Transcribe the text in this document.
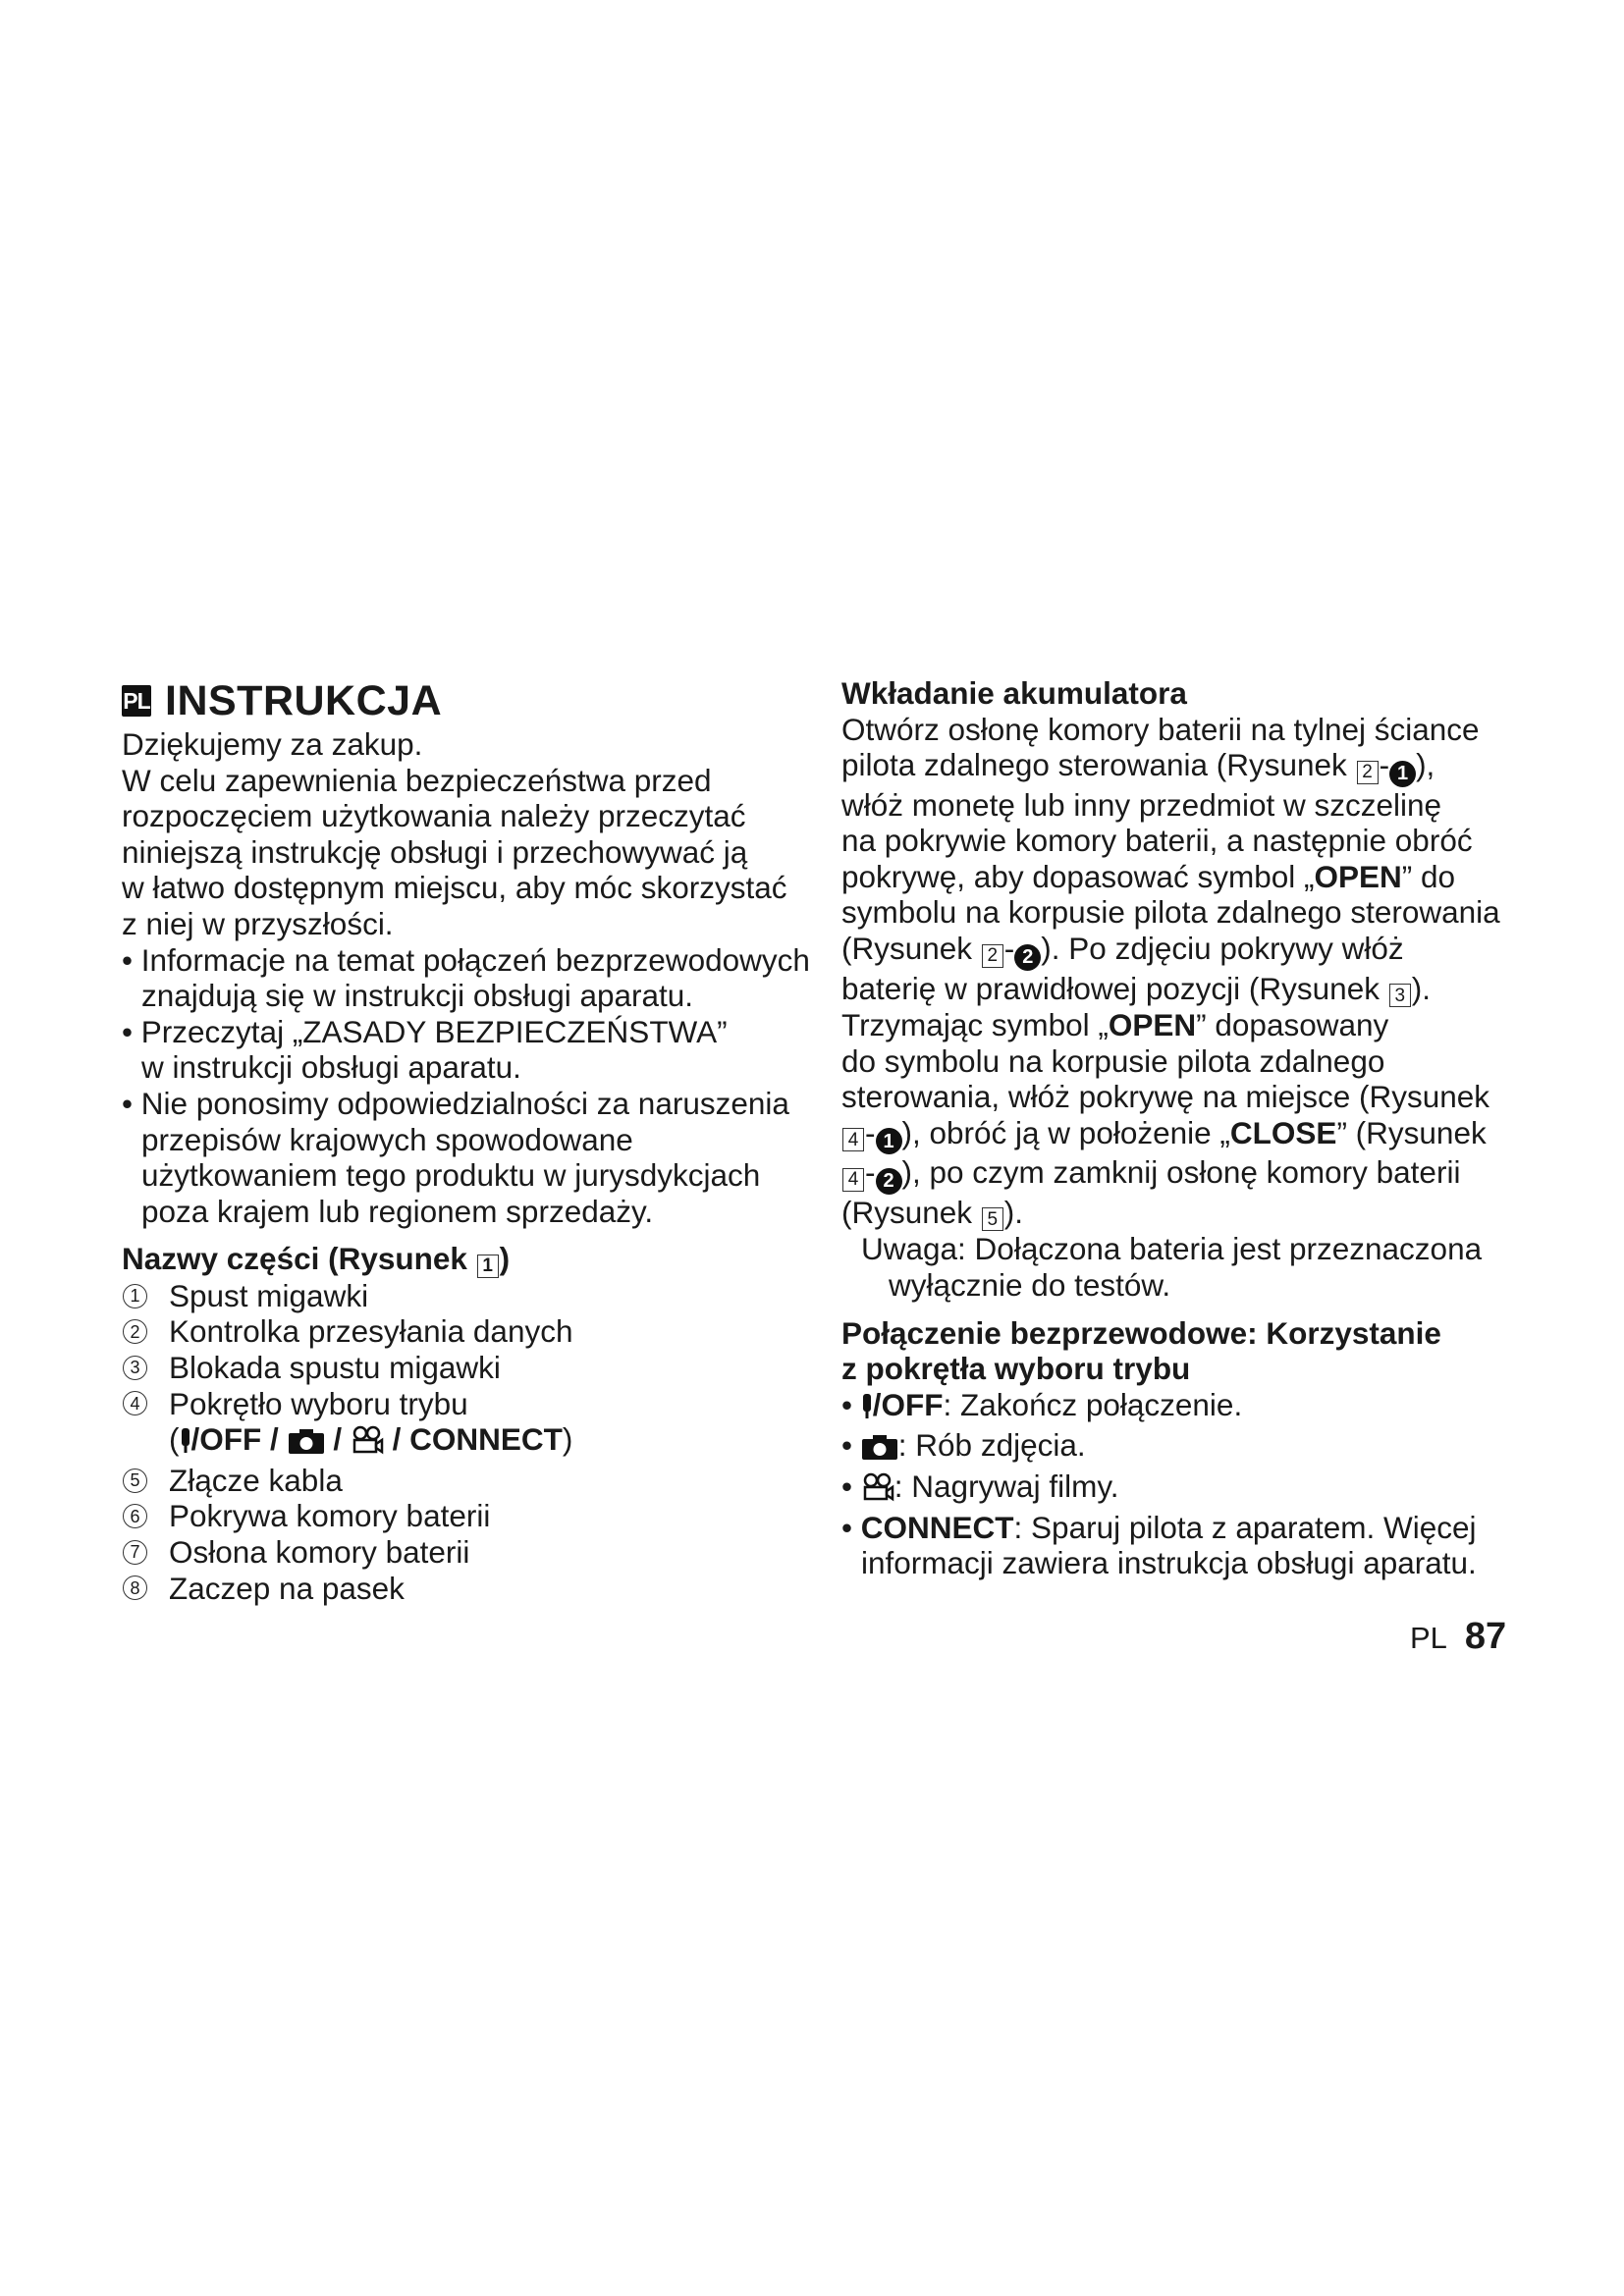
PL INSTRUKCJA
Dziękujemy za zakup.
W celu zapewnienia bezpieczeństwa przed
rozpoczęciem użytkowania należy przeczytać
niniejszą instrukcję obsługi i przechowywać ją
w łatwo dostępnym miejscu, aby móc skorzystać
z niej w przyszłości.
• Informacje na temat połączeń bezprzewodowych
znajdują się w instrukcji obsługi aparatu.
• Przeczytaj „ZASADY BEZPIECZEŃSTWA”
w instrukcji obsługi aparatu.
• Nie ponosimy odpowiedzialności za naruszenia
przepisów krajowych spowodowane
użytkowaniem tego produktu w jurysdykcjach
poza krajem lub regionem sprzedaży.
Nazwy części (Rysunek 1 )
1 Spust migawki
2 Kontrolka przesyłania danych
3 Blokada spustu migawki
4 Pokrętło wyboru trybu
( /OFF / / / CONNECT)
5 Złącze kabla
6 Pokrywa komory baterii
7 Osłona komory baterii
8 Zaczep na pasek
Wkładanie akumulatora
Otwórz osłonę komory baterii na tylnej ściance
pilota zdalnego sterowania (Rysunek 2 - 1 ),
włóż monetę lub inny przedmiot w szczelinę
na pokrywie komory baterii, a następnie obróć
pokrywę, aby dopasować symbol „OPEN” do
symbolu na korpusie pilota zdalnego sterowania
(Rysunek 2 - 2 ). Po zdjęciu pokrywy włóż
baterię w prawidłowej pozycji (Rysunek 3 ).
Trzymając symbol „OPEN” dopasowany
do symbolu na korpusie pilota zdalnego
sterowania, włóż pokrywę na miejsce (Rysunek
4 - 1 ), obróć ją w położenie „CLOSE” (Rysunek
4 - 2 ), po czym zamknij osłonę komory baterii
(Rysunek 5 ).
Uwaga: Dołączona bateria jest przeznaczona
wyłącznie do testów.
Połączenie bezprzewodowe: Korzystanie
z pokrętła wyboru trybu
• /OFF: Zakończ połączenie.
• : Rób zdjęcia.
• : Nagrywaj filmy.
• CONNECT: Sparuj pilota z aparatem. Więcej
informacji zawiera instrukcja obsługi aparatu.
PL 87
